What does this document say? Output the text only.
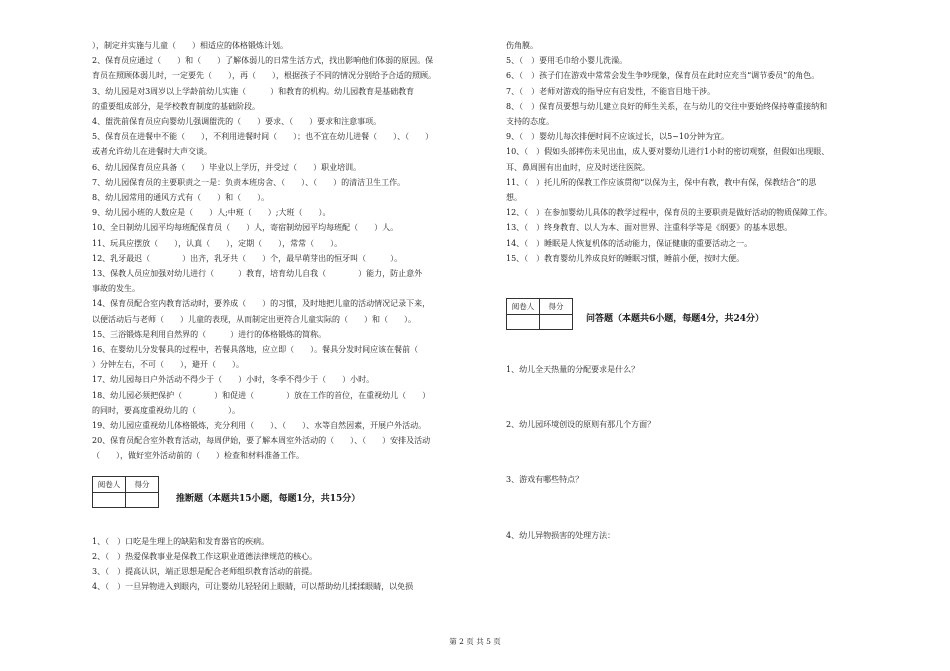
），制定并实施与儿童（　　）相适应的体格锻炼计划。
2、保育员应通过（　　）和（　　）了解体弱儿的日常生活方式，找出影响他们体弱的原因。保
育员在照顾体弱儿时，一定要先（　　），再（　　），根据孩子不同的情况分别给予合适的照顾。
3、幼儿园是对3周岁以上学龄前幼儿实施（　　　）和教育的机构。幼儿园教育是基础教育
的重要组成部分，是学校教育制度的基础阶段。
4、盥洗前保育员应向婴幼儿强调盥洗的（　　）要求、（　　）要求和注意事项。
5、保育员在进餐中不能（　　），不利用进餐时间（　　）；也不宜在幼儿进餐（　　）、（　　）
或者允许幼儿在进餐时大声交谈。
6、幼儿园保育员应具备（　　）毕业以上学历，并受过（　　）职业培训。
7、幼儿园保育员的主要职责之一是：负责本班房舍、（　　）、（　　）的清洁卫生工作。
8、幼儿园常用的通风方式有（　　）和（　　）。
9、幼儿园小班的人数应是（　　）人;中班（　　）;大班（　　）。
10、全日制幼儿园平均每班配保育员（　　）人，寄宿制幼园平均每班配（　　）人。
11、玩具应摆放（　　），认真（　　），定期（　　），常常（　　）。
12、乳牙最迟（　　　　）出齐，乳牙共（　　）个，最早萌芽出的恒牙叫（　　　）。
13、保教人员应加强对幼儿进行（　　　）教育，培育幼儿自我（　　　　）能力，防止意外
事故的发生。
14、保育员配合室内教育活动时，要养成（　　）的习惯，及时地把儿童的活动情况记录下来，
以便活动后与老师（　　）儿童的表现，从而制定出更符合儿童实际的（　　）和（　　）。
15、三浴锻炼是利用自然界的（　　　）进行的体格锻炼的简称。
16、在婴幼儿分发餐具的过程中，若餐具落地，应立即（　　）。餐具分发时间应该在餐前（
）分钟左右，不可（　　），避开（　　）。
17、幼儿园每日户外活动不得少于（　　）小时，冬季不得少于（　　）小时。
18、幼儿园必须把保护（　　　　）和促进（　　　　）放在工作的首位，在重视幼儿（　　）
的同时，要高度重视幼儿的（　　　　）。
19、幼儿园应重视幼儿体格锻炼，充分利用（　　）、（　　）、水等自然因素，开展户外活动。
20、保育员配合室外教育活动，每周伊始，要了解本周室外活动的（　　）、（　　）安排及活动
（　　），做好室外活动前的（　　）检查和材料准备工作。
阅卷人	得分

推断题（本题共15小题，每题1分，共15分）
1、（　）口吃是生理上的缺陷和发育器官的疾病。
2、（　）热爱保教事业是保教工作这职业道德法律规范的核心。
3、（　）提高认识，端正思想是配合老师组织教育活动的前提。
4、（　）一旦异物进入到眼内，可让婴幼儿轻轻闭上眼睛，可以帮助幼儿揉揉眼睛，以免损
伤角膜。
5、（　）要用毛巾给小婴儿洗澡。
6、（　）孩子们在游戏中常常会发生争吵现象，保育员在此时应充当“调节委员”的角色。
7、（　）老师对游戏的指导应有启发性，不能盲目地干涉。
8、（　）保育员要想与幼儿建立良好的师生关系，在与幼儿的交往中要始终保持尊重接纳和
支持的态度。
9、（　）婴幼儿每次排便时间不应该过长，以5~10分钟为宜。
10、（　）假如头部摔伤未见出血，成人要对婴幼儿进行1小时的密切观察，但假如出现眼、
耳、鼻周围有出血时，应及时送往医院。
11、（　）托儿所的保教工作应该贯彻“以保为主，保中有教，教中有保，保教结合”的思
想。
12、（　）在参加婴幼儿具体的教学过程中，保育员的主要职责是做好活动的物质保障工作。
13、（　）终身教育、以人为本、面对世界、注重科学等是《纲要》的基本思想。
14、（　）睡眠是人恢复机体的活动能力，保证健康的重要活动之一。
15、（　）教育婴幼儿养成良好的睡眠习惯，睡前小便，按时大便。
阅卷人	得分

问答题（本题共6小题，每题4分，共24分）
1、幼儿全天热量的分配要求是什么？
2、幼儿园环境创设的原则有那几个方面？
3、游戏有哪些特点？
4、幼儿异物损害的处理方法：
第 2 页 共 5 页
